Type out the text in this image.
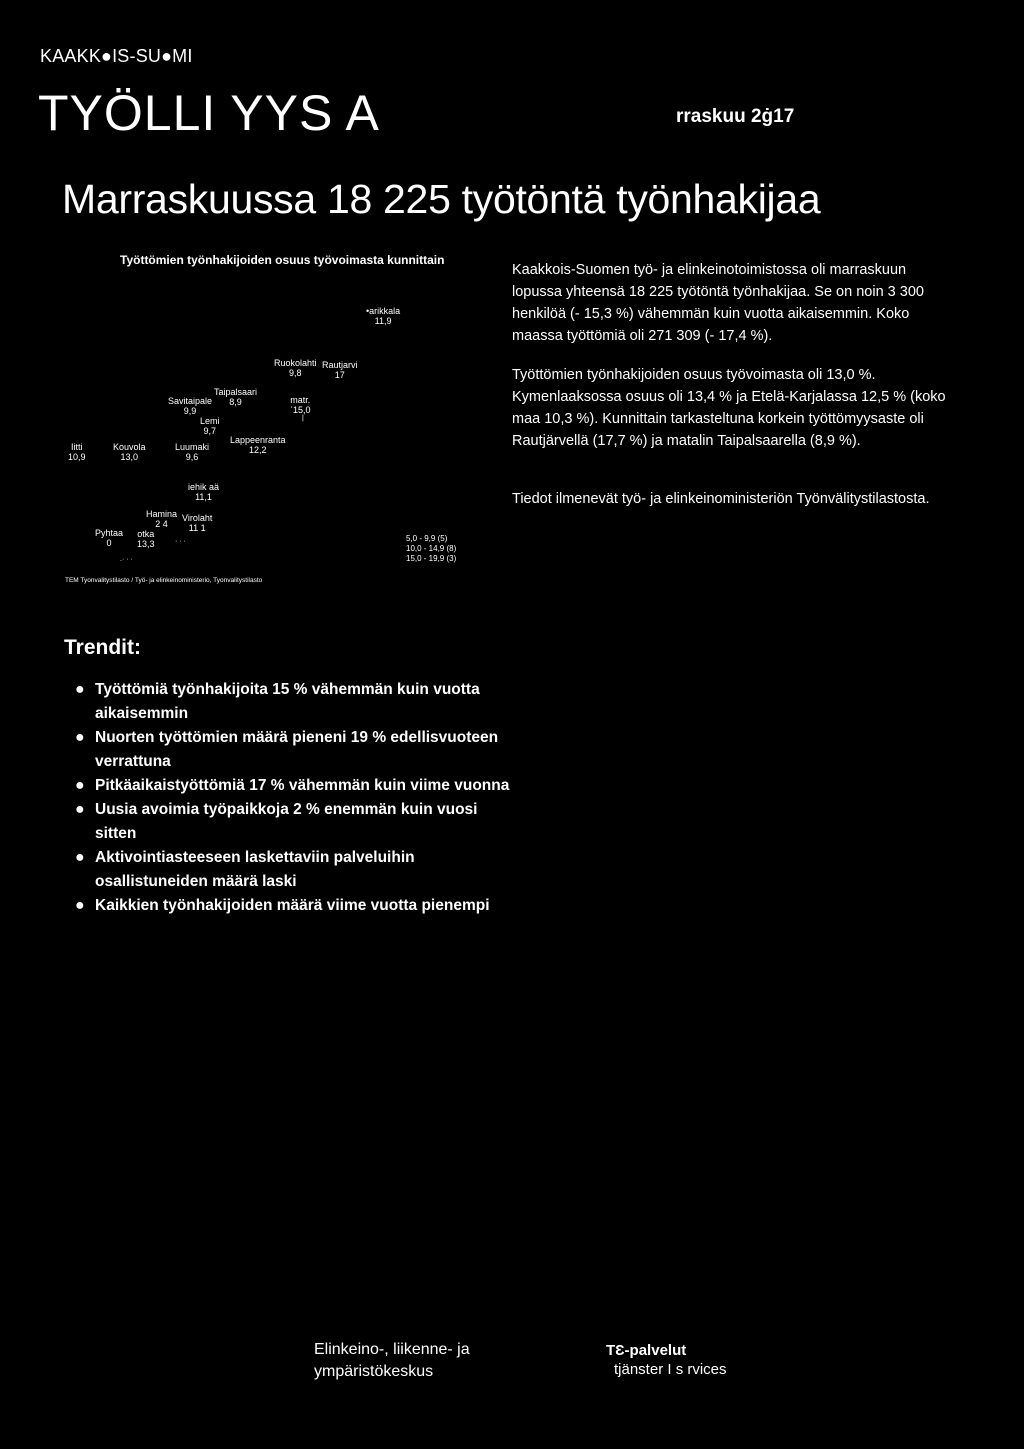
KAAKK●IS-SU●MI
TYÖLLI YYS A	rraskuu 2ġ17
Marraskuussa 18 225 työtöntä työnhakijaa
Työttömien työnhakijoiden osuus työvoimasta kunnittain
•arikkala
11,9
Ruokolahti
9,8
Rautjarvi
17
Taipalsaari
8,9
Savitaipale
9,9
matr.
ʿ15,0
|
Lemi
9,7
Lappeenranta
12,2
Iitti
10,9
Kouvola
13,0
Luumaki
9,6
iehik aä
11,1
Hamina
2 4
Virolaht
11 1
Pyhtaa
0
otka
13,3
.· · ·
· · ·	5,0 - 9,9 (5)
10,0 - 14,9 (8)
15,0 - 19,9 (3)
TEM Tyonvalitystilasto / Työ- ja elinkeinoministerio, Tyonvalitystilasto
Kaakkois-Suomen työ- ja elinkeinotoimistossa oli marraskuun lopussa yhteensä 18 225 työtöntä työnhakijaa. Se on noin 3 300 henkilöä (- 15,3 %) vähemmän kuin vuotta aikaisemmin. Koko maassa työttömiä oli 271 309 (- 17,4 %).
Työttömien työnhakijoiden osuus työvoimasta oli 13,0 %. Kymenlaaksossa osuus oli 13,4 % ja Etelä-Karjalassa 12,5 % (koko maa 10,3 %). Kunnittain tarkasteltuna korkein työttömyysaste oli Rautjärvellä (17,7 %) ja matalin Taipalsaarella (8,9 %).
Tiedot ilmenevät työ- ja elinkeinoministeriön Työnvälitystilastosta.
Trendit:
● Työttömiä työnhakijoita 15 % vähemmän kuin vuotta aikaisemmin
● Nuorten työttömien määrä pieneni 19 % edellisvuoteen verrattuna
● Pitkäaikaistyöttömiä 17 % vähemmän kuin viime vuonna
● Uusia avoimia työpaikkoja 2 % enemmän kuin vuosi sitten
● Aktivointiasteeseen laskettaviin palveluihin osallistuneiden määrä laski
● Kaikkien työnhakijoiden määrä viime vuotta pienempi
Elinkeino-, liikenne- ja
ympäristökeskus
TƐ-palvelut
tjänster I s rvices
